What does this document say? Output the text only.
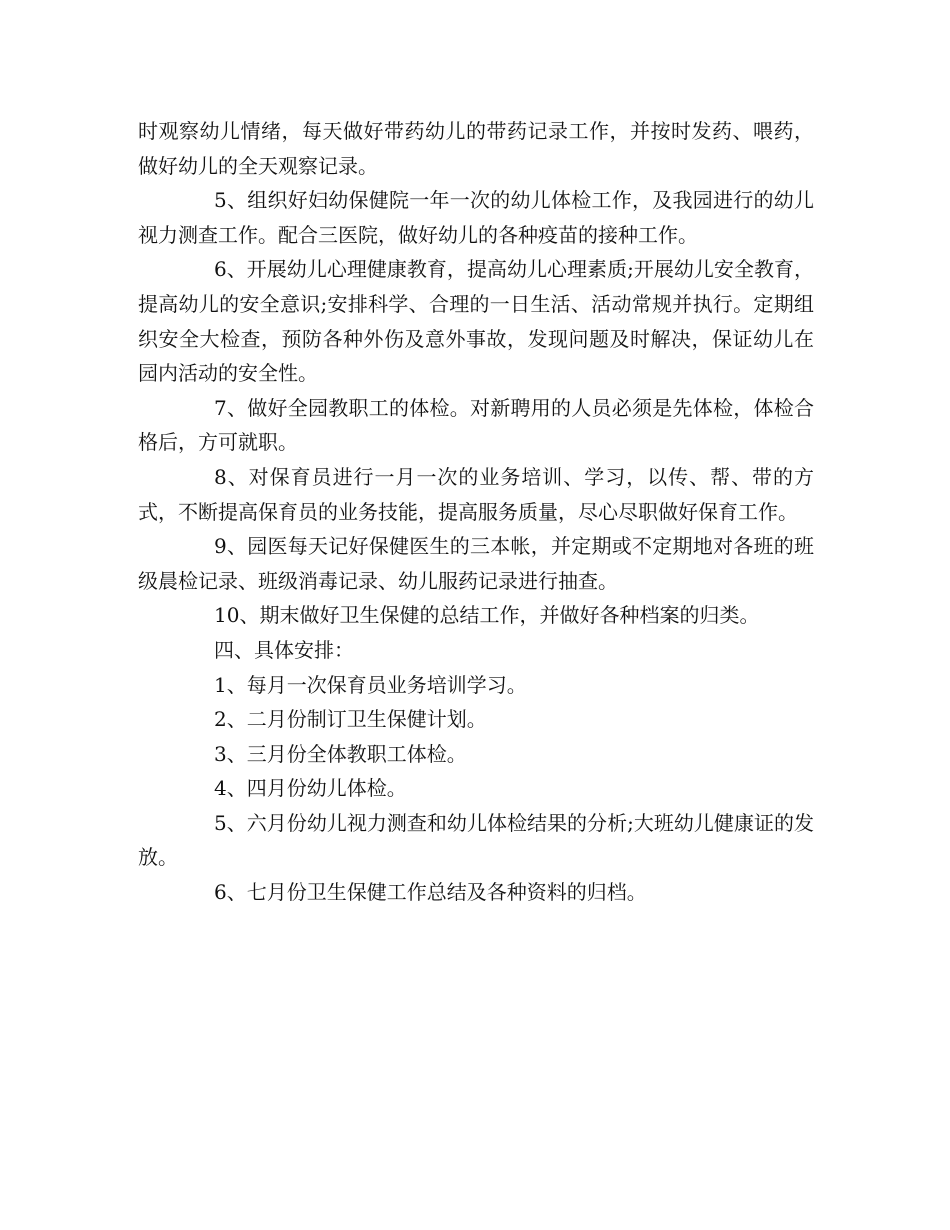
时观察幼儿情绪，每天做好带药幼儿的带药记录工作，并按时发药、喂药，做好幼儿的全天观察记录。

5、组织好妇幼保健院一年一次的幼儿体检工作，及我园进行的幼儿视力测查工作。配合三医院，做好幼儿的各种疫苗的接种工作。

6、开展幼儿心理健康教育，提高幼儿心理素质;开展幼儿安全教育，提高幼儿的安全意识;安排科学、合理的一日生活、活动常规并执行。定期组织安全大检查，预防各种外伤及意外事故，发现问题及时解决，保证幼儿在园内活动的安全性。

7、做好全园教职工的体检。对新聘用的人员必须是先体检，体检合格后，方可就职。

8、对保育员进行一月一次的业务培训、学习，以传、帮、带的方式，不断提高保育员的业务技能，提高服务质量，尽心尽职做好保育工作。

9、园医每天记好保健医生的三本帐，并定期或不定期地对各班的班级晨检记录、班级消毒记录、幼儿服药记录进行抽查。

10、期末做好卫生保健的总结工作，并做好各种档案的归类。

四、具体安排：

1、每月一次保育员业务培训学习。

2、二月份制订卫生保健计划。

3、三月份全体教职工体检。

4、四月份幼儿体检。

5、六月份幼儿视力测查和幼儿体检结果的分析;大班幼儿健康证的发放。

6、七月份卫生保健工作总结及各种资料的归档。
